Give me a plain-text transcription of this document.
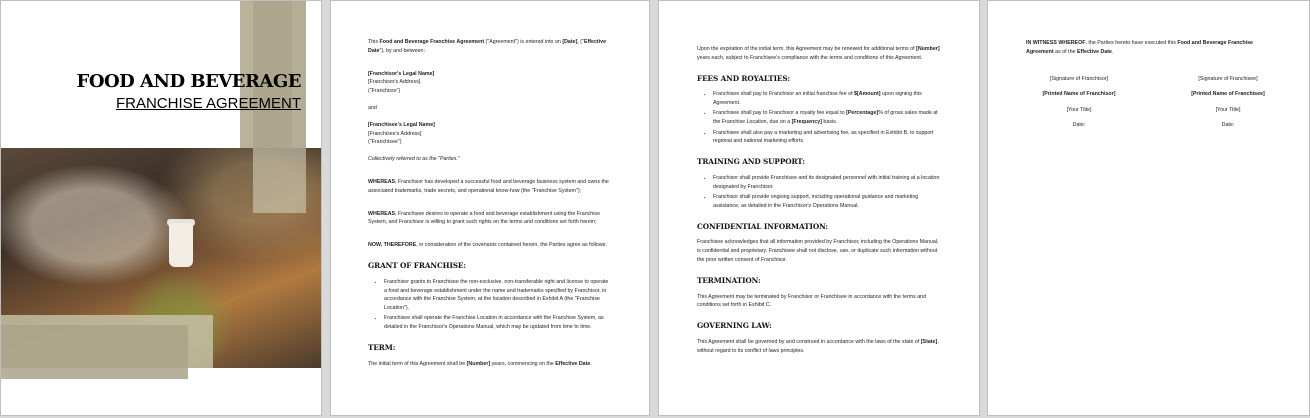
FOOD AND BEVERAGE
FRANCHISE AGREEMENT

This Food and Beverage Franchise Agreement ("Agreement") is entered into on [Date], ("Effective Date"), by and between:

[Franchisor's Legal Name]
[Franchisor's Address]
("Franchisor")
and
[Franchisee's Legal Name]
[Franchisee's Address]
("Franchisee")

Collectively referred to as the "Parties."

WHEREAS, Franchisor has developed a successful food and beverage business system and owns the associated trademarks, trade secrets, and operational know-how (the "Franchise System");

WHEREAS, Franchisee desires to operate a food and beverage establishment using the Franchise System, and Franchisor is willing to grant such rights on the terms and conditions set forth herein;

NOW, THEREFORE, in consideration of the covenants contained herein, the Parties agree as follows:

GRANT OF FRANCHISE:
• Franchisor grants to Franchisee the non-exclusive, non-transferable right and license to operate a food and beverage establishment under the name and trademarks specified by Franchisor, in accordance with the Franchise System, at the location described in Exhibit A (the "Franchise Location").
• Franchisee shall operate the Franchise Location in accordance with the Franchise System, as detailed in the Franchisor's Operations Manual, which may be updated from time to time.
TERM:

The initial term of this Agreement shall be [Number] years, commencing on the Effective Date.

Upon the expiration of the initial term, this Agreement may be renewed for additional terms of [Number] years each, subject to Franchisee's compliance with the terms and conditions of this Agreement.

FEES AND ROYALTIES:
• Franchisee shall pay to Franchisor an initial franchise fee of $[Amount] upon signing this Agreement.
• Franchisee shall pay to Franchisor a royalty fee equal to [Percentage]% of gross sales made at the Franchise Location, due on a [Frequency] basis.
• Franchisee shall also pay a marketing and advertising fee, as specified in Exhibit B, to support regional and national marketing efforts.
TRAINING AND SUPPORT:
• Franchisor shall provide Franchisee and its designated personnel with initial training at a location designated by Franchisor.
• Franchisor shall provide ongoing support, including operational guidance and marketing assistance, as detailed in the Franchisor's Operations Manual.
CONFIDENTIAL INFORMATION:

Franchisee acknowledges that all information provided by Franchisor, including the Operations Manual, is confidential and proprietary. Franchisee shall not disclose, use, or duplicate such information without the prior written consent of Franchisor.

TERMINATION:

This Agreement may be terminated by Franchisor or Franchisee in accordance with the terms and conditions set forth in Exhibit C.

GOVERNING LAW:

This Agreement shall be governed by and construed in accordance with the laws of the state of [State], without regard to its conflict of laws principles.

IN WITNESS WHEREOF, the Parties hereto have executed this Food and Beverage Franchise Agreement as of the Effective Date.
[Signature of Franchisor]
[Printed Name of Franchisor]
[Your Title]
Date:
[Signature of Franchisee]
[Printed Name of Franchisee]
[Your Title]
Date:
